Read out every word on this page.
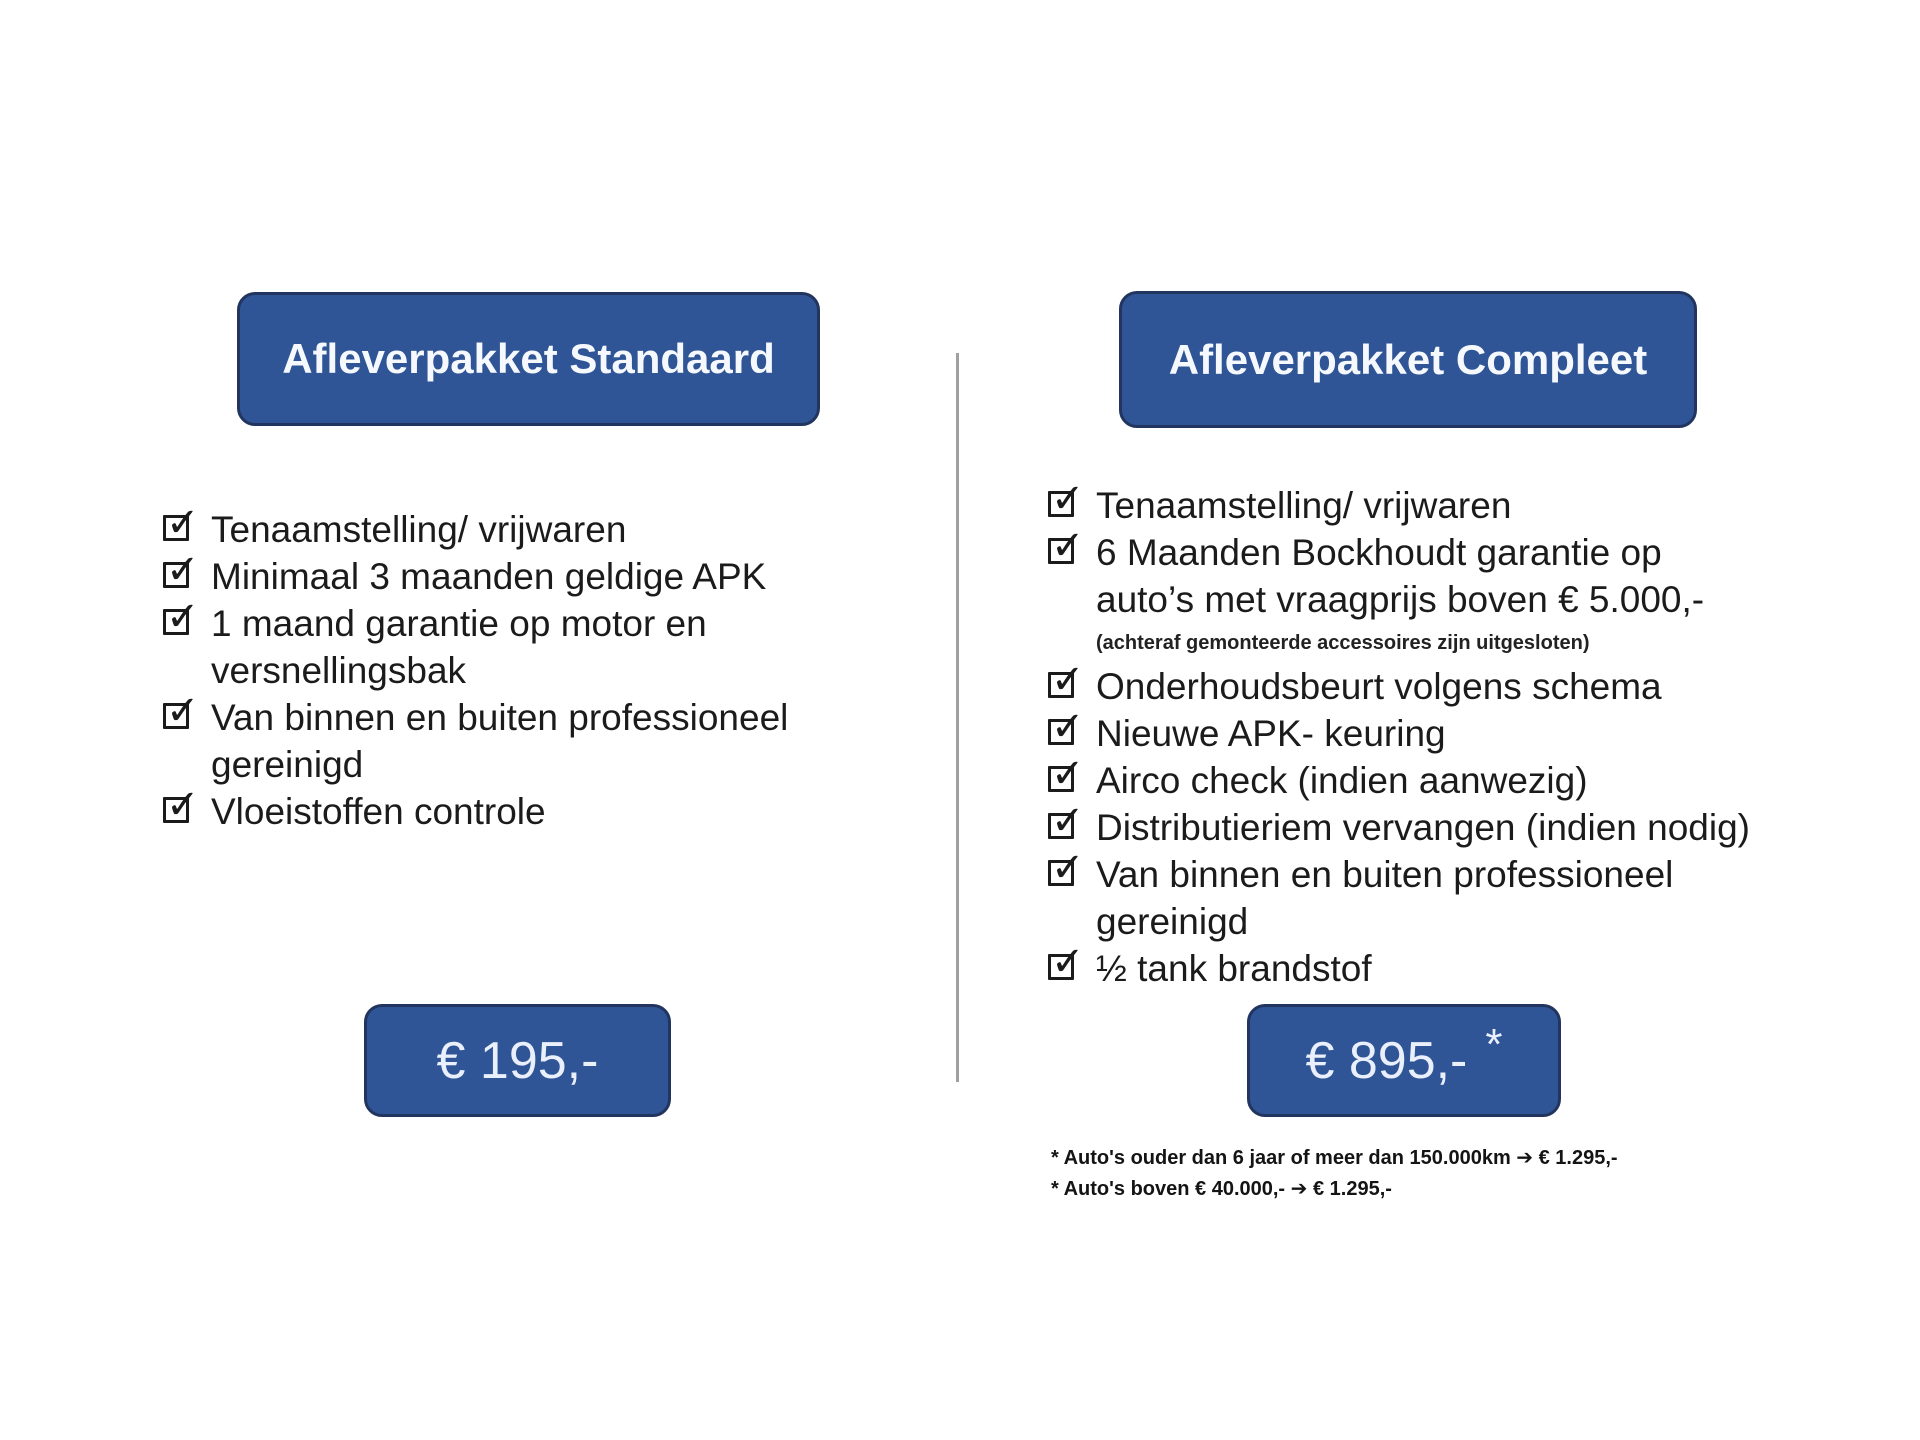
Afleverpakket Standaard
✓ Tenaamstelling/ vrijwaren
✓ Minimaal 3 maanden geldige APK
✓ 1 maand garantie op motor en
versnellingsbak
✓ Van binnen en buiten professioneel
gereinigd
✓ Vloeistoffen controle
€ 195,-
Afleverpakket Compleet
✓ Tenaamstelling/ vrijwaren
✓ 6 Maanden Bockhoudt garantie op
auto’s met vraagprijs boven € 5.000,-
(achteraf gemonteerde accessoires zijn uitgesloten)
✓ Onderhoudsbeurt volgens schema
✓ Nieuwe APK- keuring
✓ Airco check (indien aanwezig)
✓ Distributieriem vervangen (indien nodig)
✓ Van binnen en buiten professioneel
gereinigd
✓ ½ tank brandstof
€ 895,- *
* Auto's ouder dan 6 jaar of meer dan 150.000km ➔ € 1.295,-
* Auto's boven € 40.000,- ➔ € 1.295,-
